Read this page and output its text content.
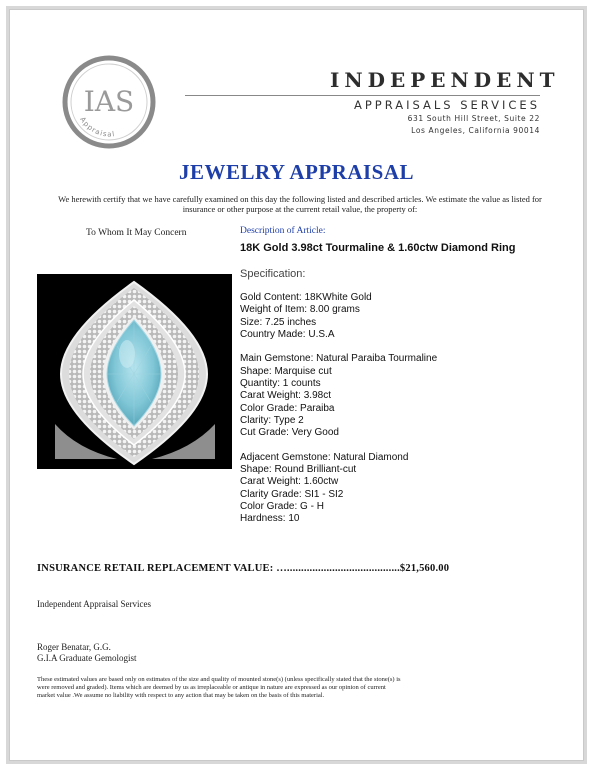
IAS
Appraisal
INDEPENDENT
APPRAISALS SERVICES
631 South Hill Street, Suite 22
Los Angeles, California 90014
JEWELRY APPRAISAL
We herewith certify that we have carefully examined on this day the following listed and described articles. We estimate the value as listed for
insurance or other purpose at the current retail value, the property of:
To Whom It May Concern	Description of Article:
18K Gold 3.98ct Tourmaline & 1.60ctw Diamond Ring
Specification:
Gold Content: 18KWhite Gold
Weight of Item: 8.00 grams
Size: 7.25 inches
Country Made: U.S.A
Main Gemstone: Natural Paraiba Tourmaline
Shape: Marquise cut
Quantity: 1 counts
Carat Weight: 3.98ct
Color Grade: Paraiba
Clarity: Type 2
Cut Grade: Very Good
Adjacent Gemstone: Natural Diamond
Shape: Round Brilliant-cut
Carat Weight: 1.60ctw
Clarity Grade: SI1 - SI2
Color Grade: G - H
Hardness: 10
INSURANCE RETAIL REPLACEMENT VALUE: …........................................$21,560.00
Independent Appraisal Services
Roger Benatar, G.G.
G.I.A Graduate Gemologist
These estimated values are based only on estimates of the size and quality of mounted stone(s) (unless specifically stated that the stone(s) is
were removed and graded). Items which are deemed by us as irreplaceable or antique in nature are expressed as our opinion of current
market value .We assume no liability with respect to any action that may be taken on the basis of this material.
